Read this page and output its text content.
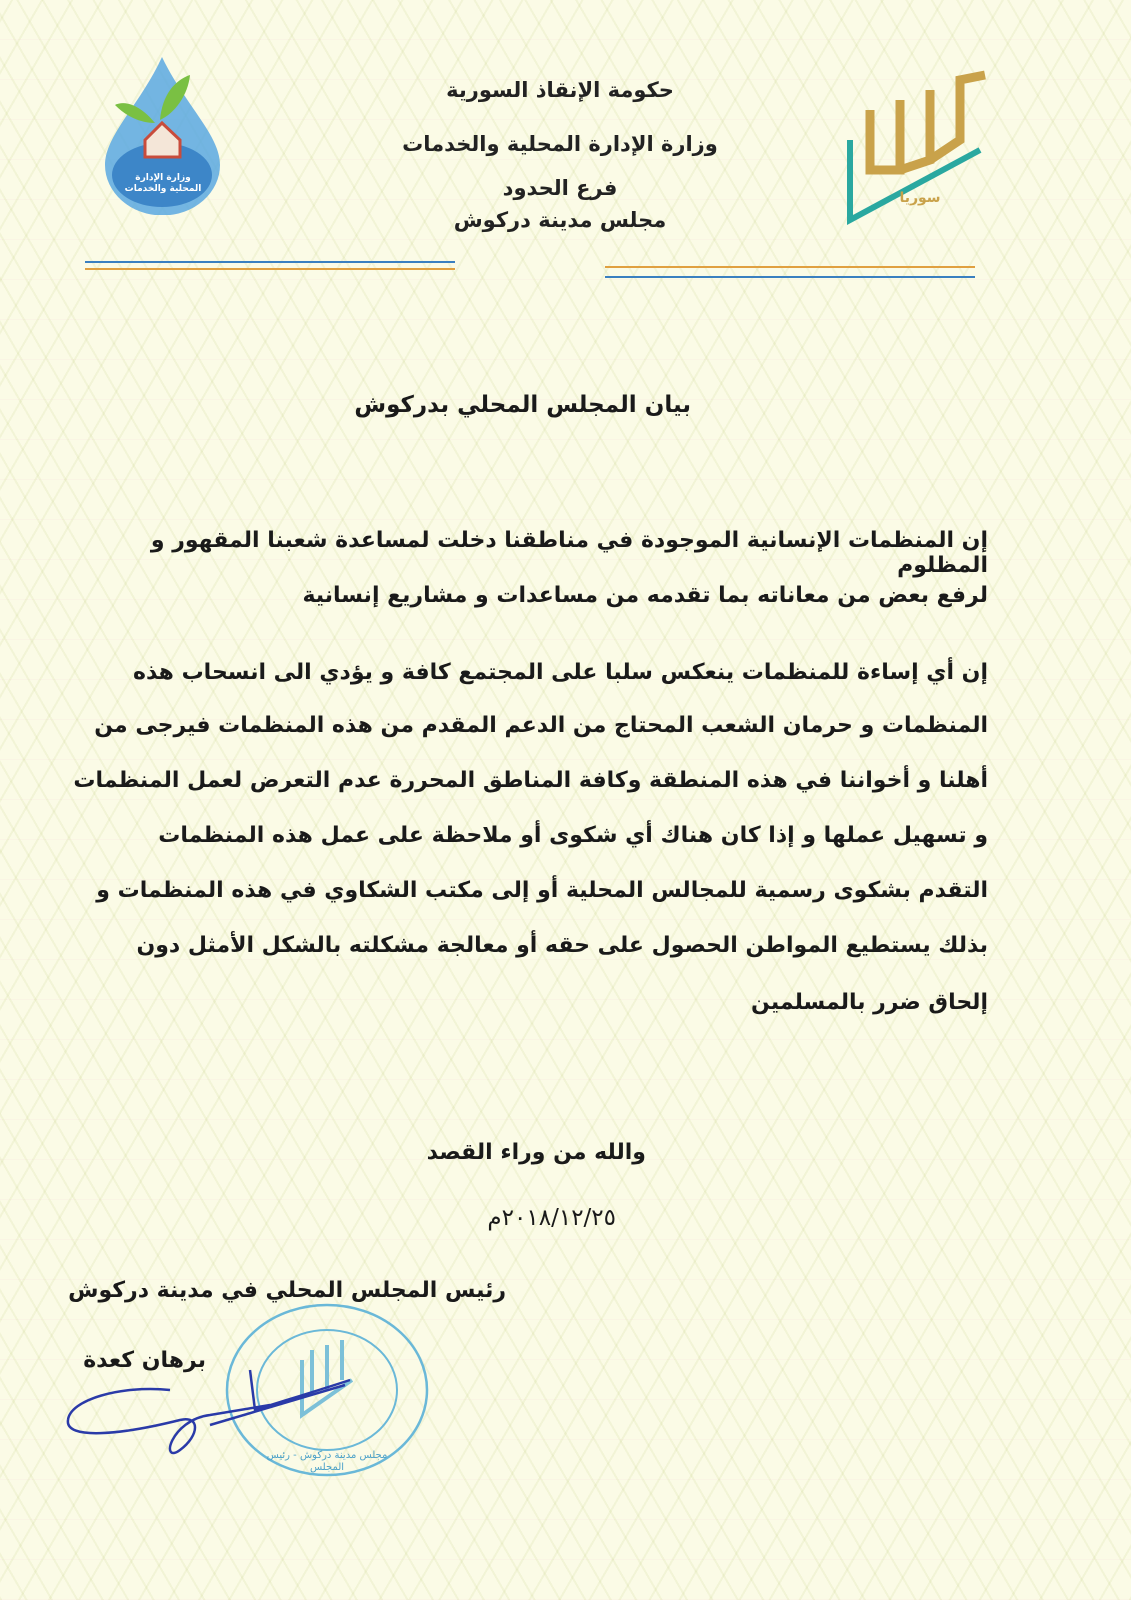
وزارة الإدارة المحلية والخدمات
سوريا
حكومة الإنقاذ السورية
وزارة الإدارة المحلية والخدمات
فرع الحدود
مجلس مدينة دركوش
بيان المجلس المحلي بدركوش
إن المنظمات الإنسانية الموجودة في مناطقنا دخلت لمساعدة شعبنا المقهور و المظلوم
لرفع بعض من معاناته بما تقدمه من مساعدات و مشاريع إنسانية
إن أي إساءة للمنظمات ينعكس سلبا على المجتمع كافة و يؤدي الى انسحاب هذه
المنظمات و حرمان الشعب المحتاج من الدعم المقدم من هذه المنظمات فيرجى من
أهلنا و أخواننا في هذه المنطقة وكافة المناطق المحررة عدم التعرض لعمل المنظمات
و تسهيل عملها و إذا كان هناك أي شكوى أو ملاحظة على عمل هذه المنظمات
التقدم بشكوى رسمية للمجالس المحلية أو إلى مكتب الشكاوي في هذه المنظمات و
بذلك يستطيع المواطن الحصول على حقه أو معالجة مشكلته بالشكل الأمثل دون
إلحاق ضرر بالمسلمين
والله من وراء القصد
٢٠١٨/١٢/٢٥م
مجلس مدينة دركوش - رئيس المجلس
رئيس المجلس المحلي في مدينة دركوش
برهان كعدة
